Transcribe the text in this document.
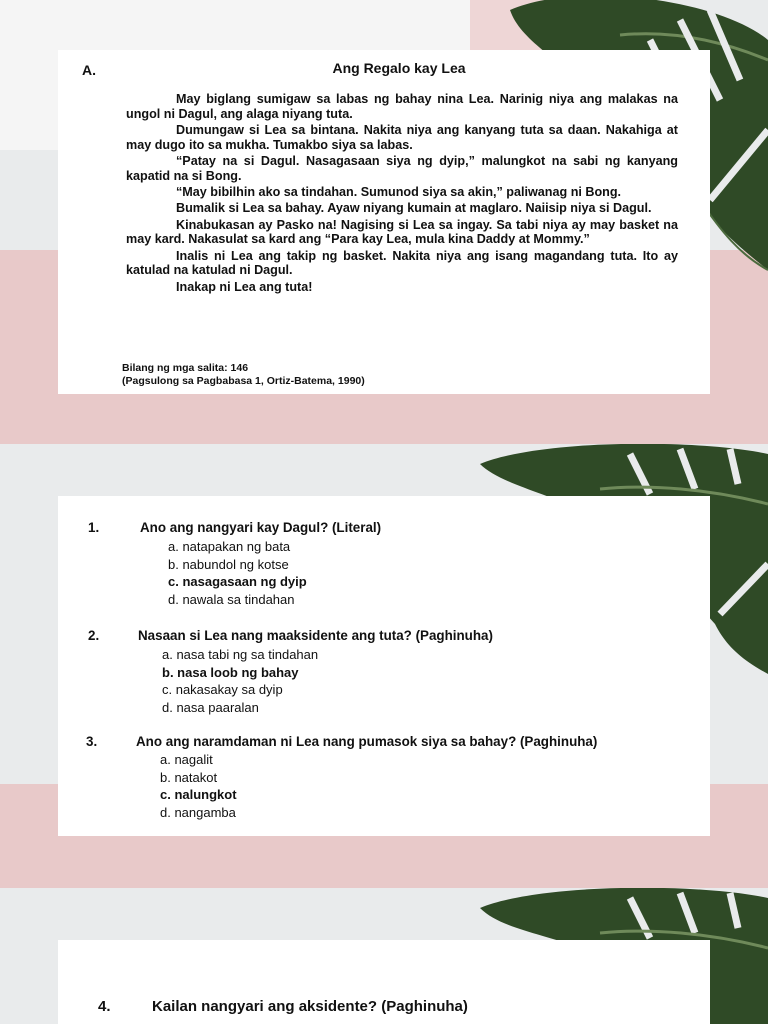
A.	Ang Regalo kay Lea

May biglang sumigaw sa labas ng bahay nina Lea. Narinig niya ang malakas na ungol ni Dagul, ang alaga niyang tuta.

Dumungaw si Lea sa bintana. Nakita niya ang kanyang tuta sa daan. Nakahiga at may dugo ito sa mukha. Tumakbo siya sa labas.

“Patay na si Dagul. Nasagasaan siya ng dyip,” malungkot na sabi ng kanyang kapatid na si Bong.

“May bibilhin ako sa tindahan. Sumunod siya sa akin,” paliwanag ni Bong.

Bumalik si Lea sa bahay. Ayaw niyang kumain at maglaro. Naiisip niya si Dagul.

Kinabukasan ay Pasko na! Nagising si Lea sa ingay. Sa tabi niya ay may basket na may kard. Nakasulat sa kard ang “Para kay Lea, mula kina Daddy at Mommy.”

Inalis ni Lea ang takip ng basket. Nakita niya ang isang magandang tuta. Ito ay katulad na katulad ni Dagul.

Inakap ni Lea ang tuta!

Bilang ng mga salita: 146
(Pagsulong sa Pagbabasa 1, Ortiz-Batema, 1990)
1.	Ano ang nangyari kay Dagul? (Literal)
a. natapakan ng bata
b. nabundol ng kotse
c. nasagasaan ng dyip
d. nawala sa tindahan
2.	Nasaan si Lea nang maaksidente ang tuta? (Paghinuha)
a. nasa tabi ng sa tindahan
b. nasa loob ng bahay
c. nakasakay sa dyip
d. nasa paaralan
3.	Ano ang naramdaman ni Lea nang pumasok siya sa bahay? (Paghinuha)
a. nagalit
b. natakot
c. nalungkot
d. nangamba
4.	Kailan nangyari ang aksidente? (Paghinuha)
